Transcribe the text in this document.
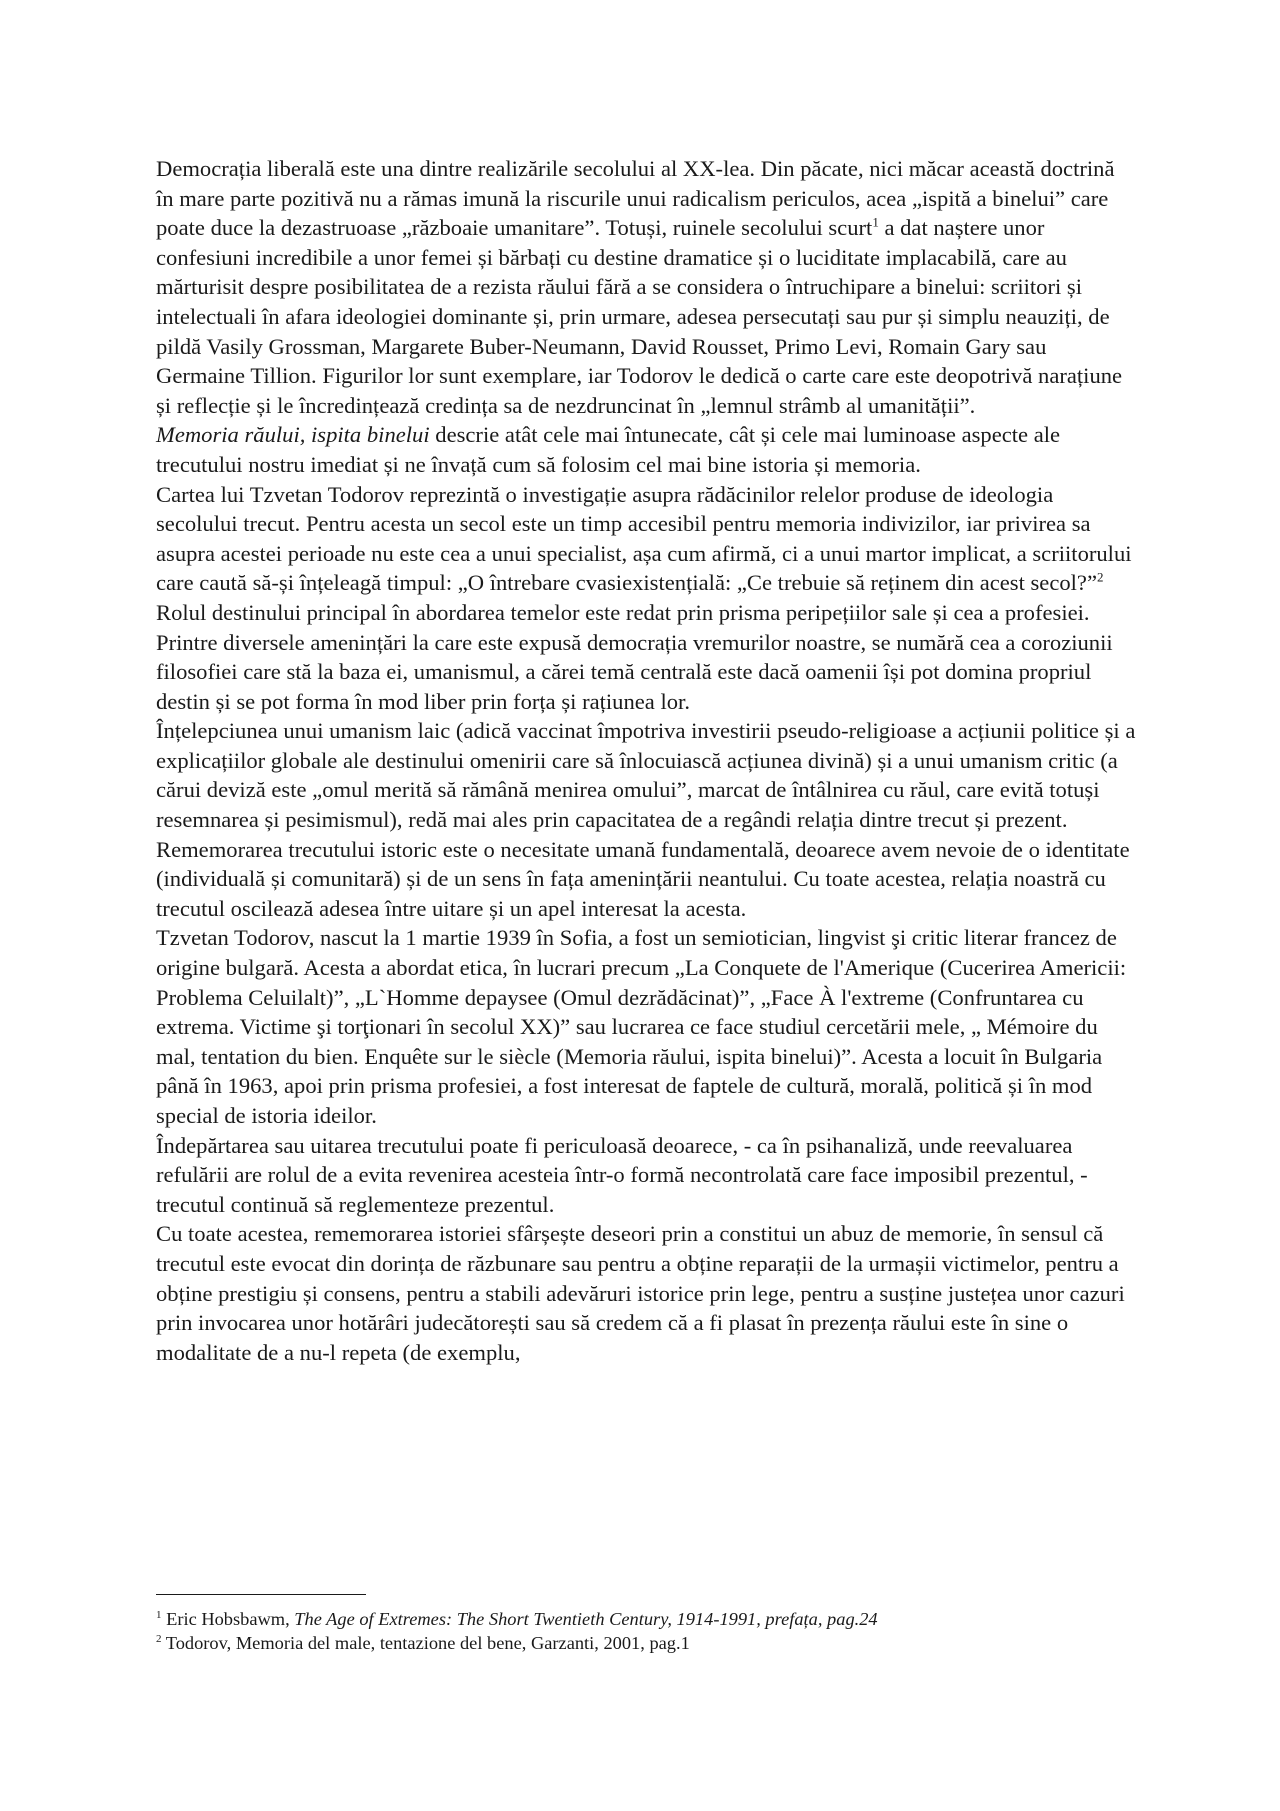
Democrația liberală este una dintre realizările secolului al XX-lea. Din păcate, nici măcar această doctrină în mare parte pozitivă nu a rămas imună la riscurile unui radicalism periculos, acea „ispită a binelui” care poate duce la dezastruoase „războaie umanitare”. Totuși, ruinele secolului scurt$^1$ a dat naștere unor confesiuni incredibile a unor femei și bărbați cu destine dramatice și o luciditate implacabilă, care au mărturisit despre posibilitatea de a rezista răului fără a se considera o întruchipare a binelui: scriitori și intelectuali în afara ideologiei dominante și, prin urmare, adesea persecutați sau pur și simplu neauziți, de pildă Vasily Grossman, Margarete Buber-Neumann, David Rousset, Primo Levi, Romain Gary sau Germaine Tillion. Figurilor lor sunt exemplare, iar Todorov le dedică o carte care este deopotrivă narațiune și reflecție și le încredințează credința sa de nezdruncinat în „lemnul strâmb al umanității”.

Memoria răului, ispita binelui descrie atât cele mai întunecate, cât și cele mai luminoase aspecte ale trecutului nostru imediat și ne învață cum să folosim cel mai bine istoria și memoria.

Cartea lui Tzvetan Todorov reprezintă o investigație asupra rădăcinilor relelor produse de ideologia secolului trecut. Pentru acesta un secol este un timp accesibil pentru memoria indivizilor, iar privirea sa asupra acestei perioade nu este cea a unui specialist, așa cum afirmă, ci a unui martor implicat, a scriitorului care caută să-și înțeleagă timpul: „O întrebare cvasiexistențială: „Ce trebuie să reținem din acest secol?”$^2$

Rolul destinului principal în abordarea temelor este redat prin prisma peripețiilor sale și cea a profesiei.

Printre diversele amenințări la care este expusă democrația vremurilor noastre, se numără cea a coroziunii filosofiei care stă la baza ei, umanismul, a cărei temă centrală este dacă oamenii își pot domina propriul destin și se pot forma în mod liber prin forța și rațiunea lor.

Înțelepciunea unui umanism laic (adică vaccinat împotriva investirii pseudo-religioase a acțiunii politice și a explicațiilor globale ale destinului omenirii care să înlocuiască acțiunea divină) și a unui umanism critic (a cărui deviză este „omul merită să rămână menirea omului”, marcat de întâlnirea cu răul, care evită totuși resemnarea și pesimismul), redă mai ales prin capacitatea de a regândi relația dintre trecut și prezent.

Rememorarea trecutului istoric este o necesitate umană fundamentală, deoarece avem nevoie de o identitate (individuală și comunitară) și de un sens în fața amenințării neantului. Cu toate acestea, relația noastră cu trecutul oscilează adesea între uitare și un apel interesat la acesta.

Tzvetan Todorov, nascut la 1 martie 1939 în Sofia, a fost un semiotician, lingvist şi critic literar francez de origine bulgară. Acesta a abordat etica, în lucrari precum „La Conquete de l'Amerique (Cucerirea Americii: Problema Celuilalt)”, „L`Homme depaysee (Omul dezrădăcinat)”, „Face À l'extreme (Confruntarea cu extrema. Victime şi torţionari în secolul XX)” sau lucrarea ce face studiul cercetării mele, „ Mémoire du mal, tentation du bien. Enquête sur le siècle (Memoria răului, ispita binelui)”. Acesta a locuit în Bulgaria până în 1963, apoi prin prisma profesiei, a fost interesat de faptele de cultură, morală, politică și în mod special de istoria ideilor.

Îndepărtarea sau uitarea trecutului poate fi periculoasă deoarece, - ca în psihanaliză, unde reevaluarea refulării are rolul de a evita revenirea acesteia într-o formă necontrolată care face imposibil prezentul, - trecutul continuă să reglementeze prezentul.

Cu toate acestea, rememorarea istoriei sfârșește deseori prin a constitui un abuz de memorie, în sensul că trecutul este evocat din dorința de răzbunare sau pentru a obține reparații de la urmașii victimelor, pentru a obține prestigiu și consens, pentru a stabili adevăruri istorice prin lege, pentru a susține justețea unor cazuri prin invocarea unor hotărâri judecătorești sau să credem că a fi plasat în prezența răului este în sine o modalitate de a nu-l repeta (de exemplu,

$^1$ Eric Hobsbawm, The Age of Extremes: The Short Twentieth Century, 1914-1991, prefața, pag.24

$^2$ Todorov, Memoria del male, tentazione del bene, Garzanti, 2001, pag.1
